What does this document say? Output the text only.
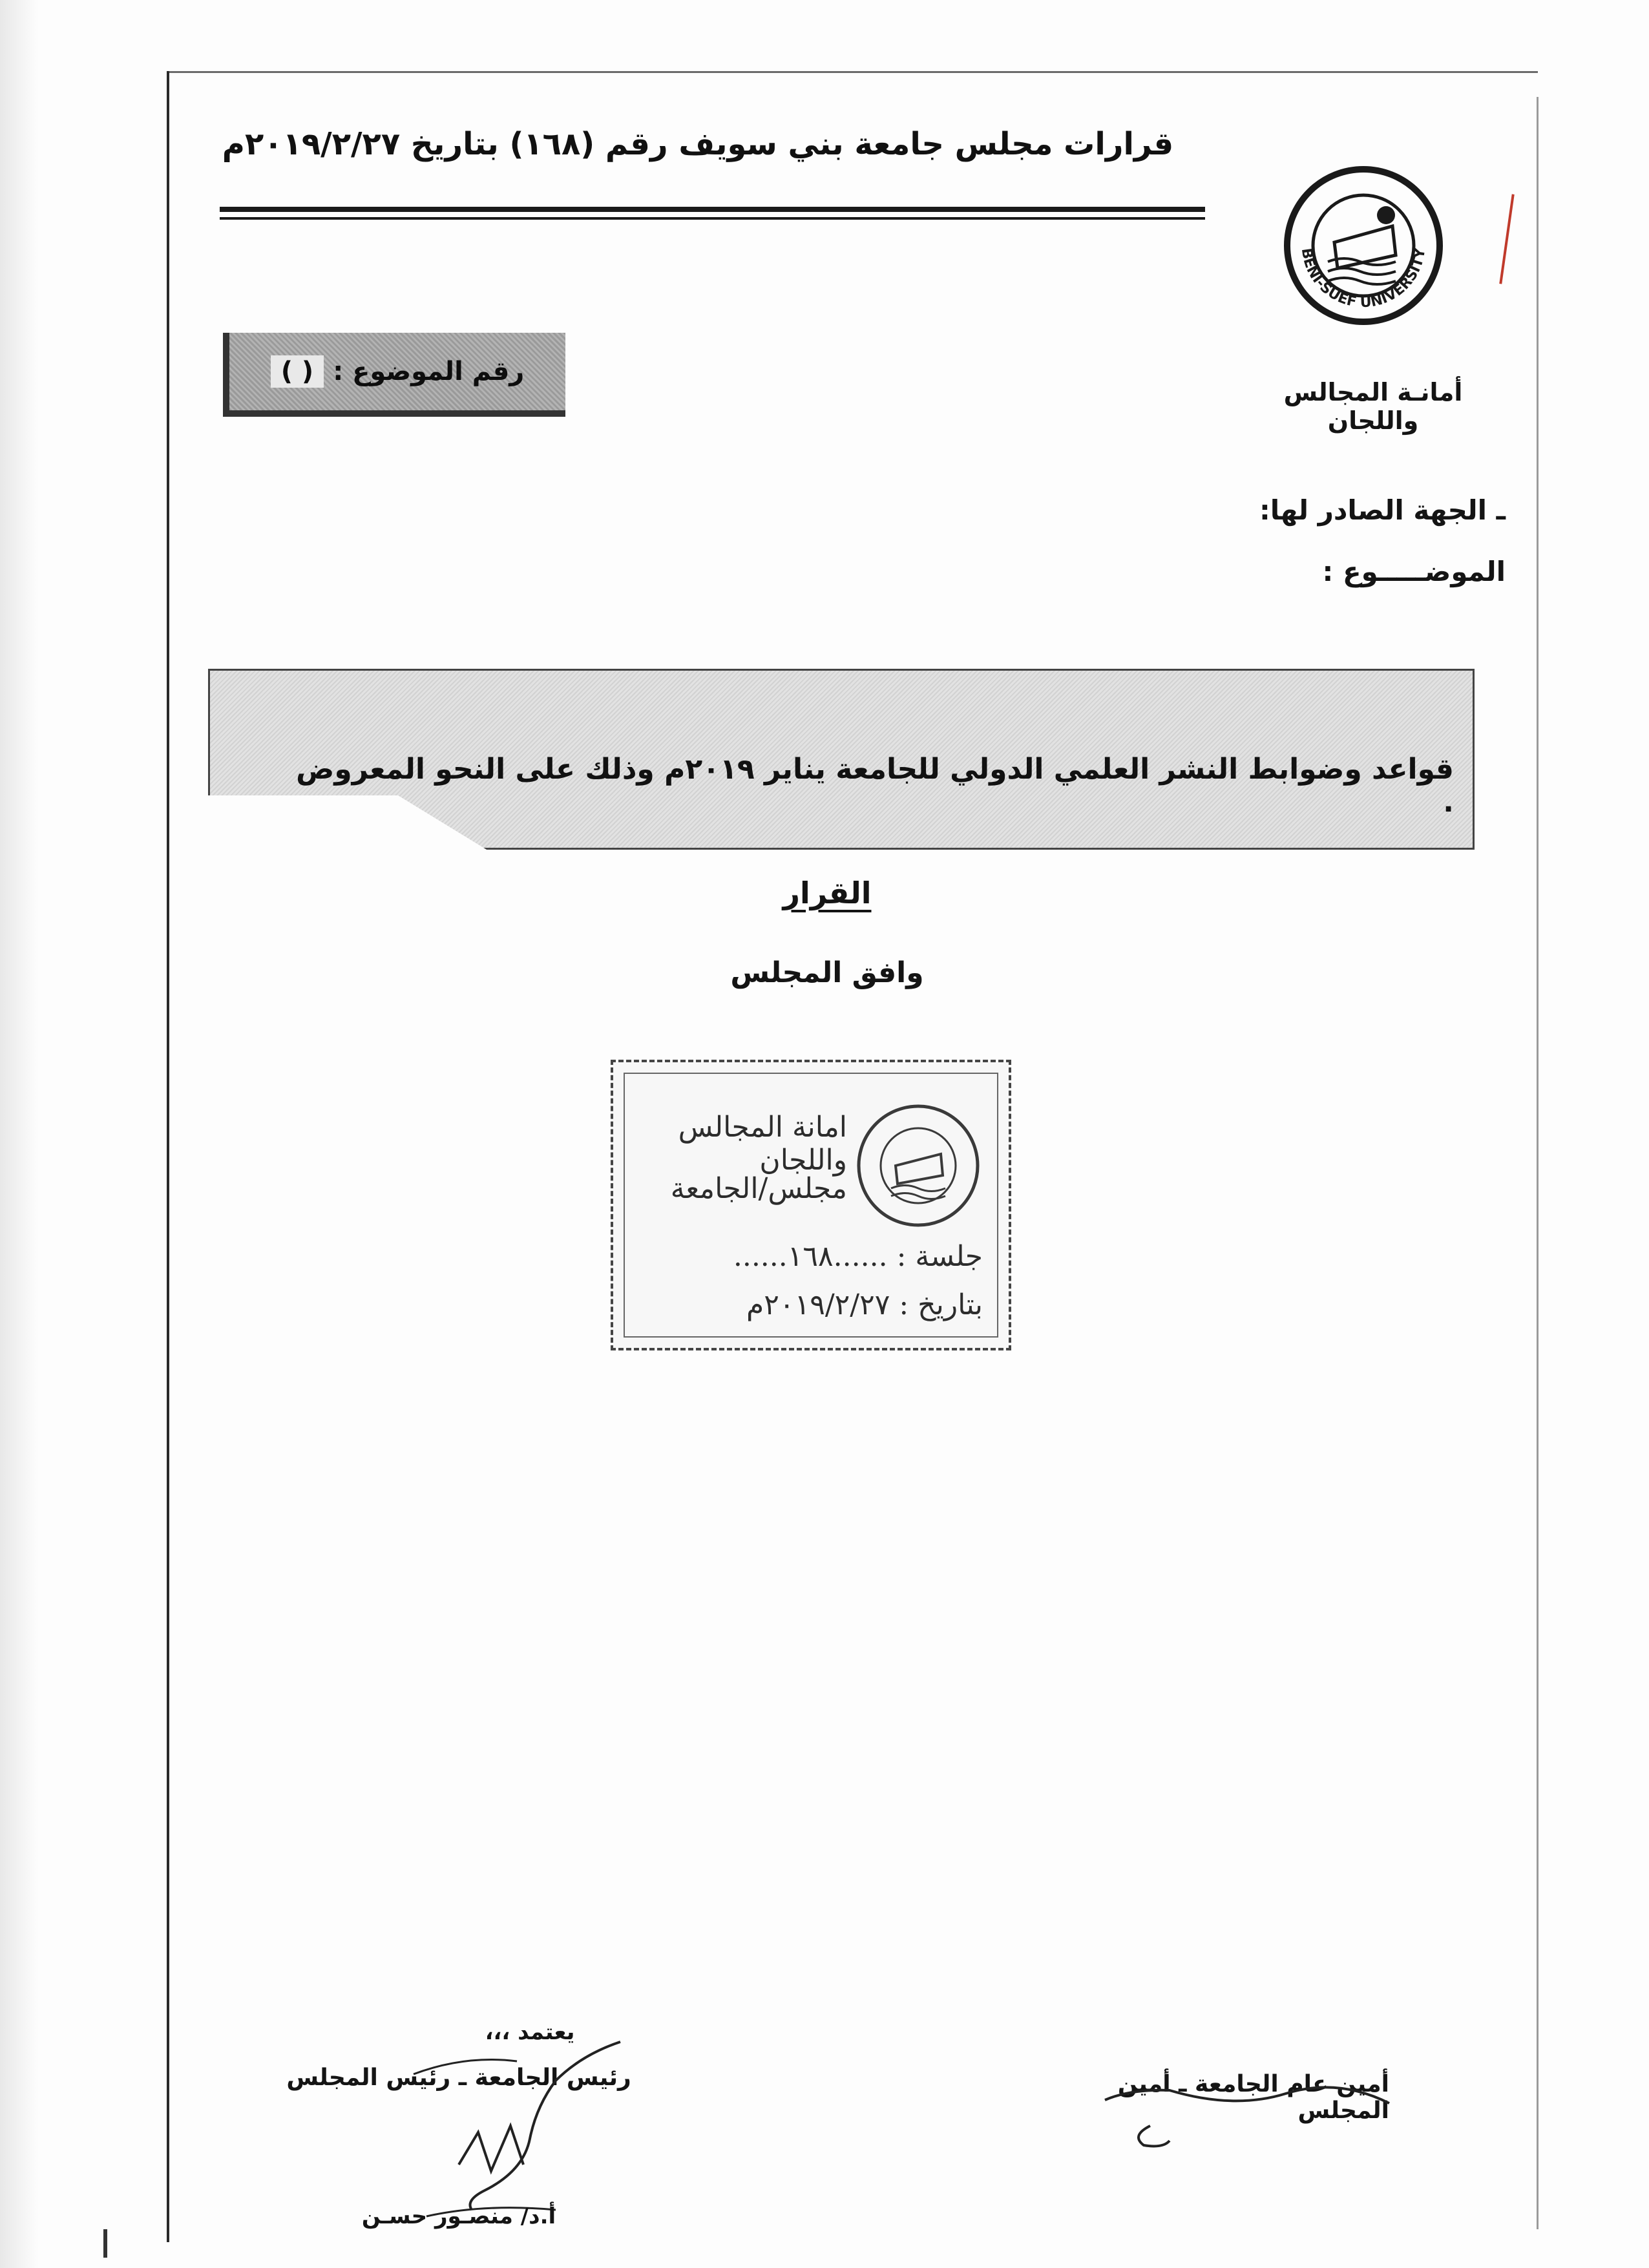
قرارات مجلس جامعة بني سويف رقم (١٦٨) بتاريخ ٢٠١٩/٢/٢٧م
BENI-SUEF UNIVERSITY
أمانـة المجالس واللجان
رقم الموضوع :
( )
ـ الجهة الصادر لها:
الموضـــــوع :
قواعد وضوابط النشر العلمي الدولي للجامعة يناير ٢٠١٩م وذلك على النحو المعروض .
القرار
وافق المجلس
امانة المجالس واللجان
مجلس/الجامعة
جلسة : ......١٦٨......
بتاريخ : ٢٠١٩/٢/٢٧م
أمين عام الجامعة ـ أمين المجلس
يعتمد ،،،
رئيس الجامعة ـ رئيس المجلس
أ.د/ منصـور حسـن
